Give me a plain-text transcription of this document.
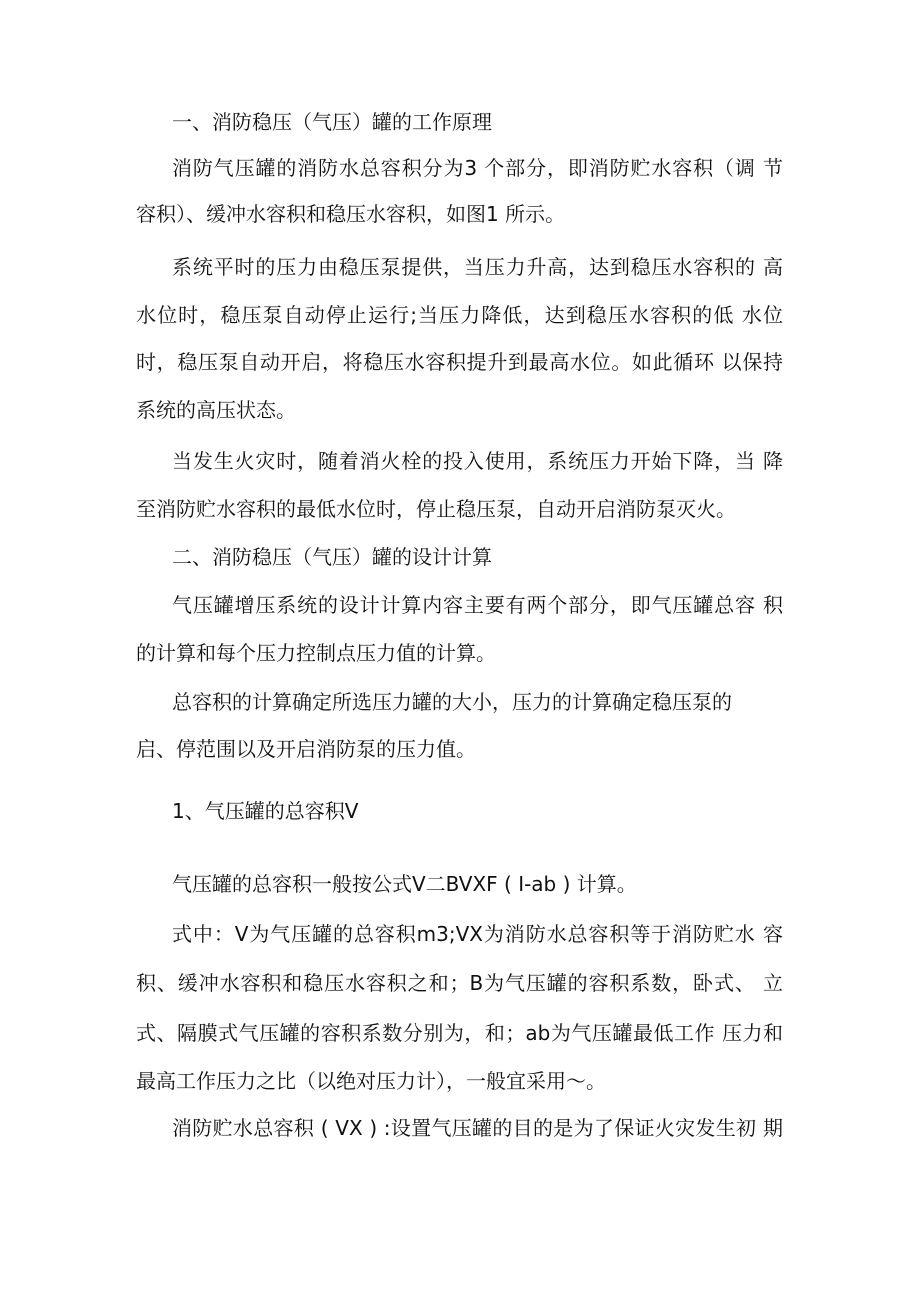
一、消防稳压（气压）罐的工作原理
消防气压罐的消防水总容积分为3 个部分，即消防贮水容积（调 节
容积）、缓冲水容积和稳压水容积，如图1 所示。
系统平时的压力由稳压泵提供，当压力升高，达到稳压水容积的 高
水位时，稳压泵自动停止运行;当压力降低，达到稳压水容积的低 水位
时，稳压泵自动开启，将稳压水容积提升到最高水位。如此循环 以保持
系统的高压状态。
当发生火灾时，随着消火栓的投入使用，系统压力开始下降，当 降
至消防贮水容积的最低水位时，停止稳压泵，自动开启消防泵灭火。
二、消防稳压（气压）罐的设计计算
气压罐增压系统的设计计算内容主要有两个部分，即气压罐总容 积
的计算和每个压力控制点压力值的计算。
总容积的计算确定所选压力罐的大小，压力的计算确定稳压泵的
启、停范围以及开启消防泵的压力值。
1、气压罐的总容积V
气压罐的总容积一般按公式V二BVXF ( I-ab ) 计算。
式中：V为气压罐的总容积m3;VX为消防水总容积等于消防贮水 容
积、缓冲水容积和稳压水容积之和；B为气压罐的容积系数，卧式、 立
式、隔膜式气压罐的容积系数分别为，和；ab为气压罐最低工作 压力和
最高工作压力之比（以绝对压力计），一般宜采用～。
消防贮水总容积 ( VX ) :设置气压罐的目的是为了保证火灾发生初 期
